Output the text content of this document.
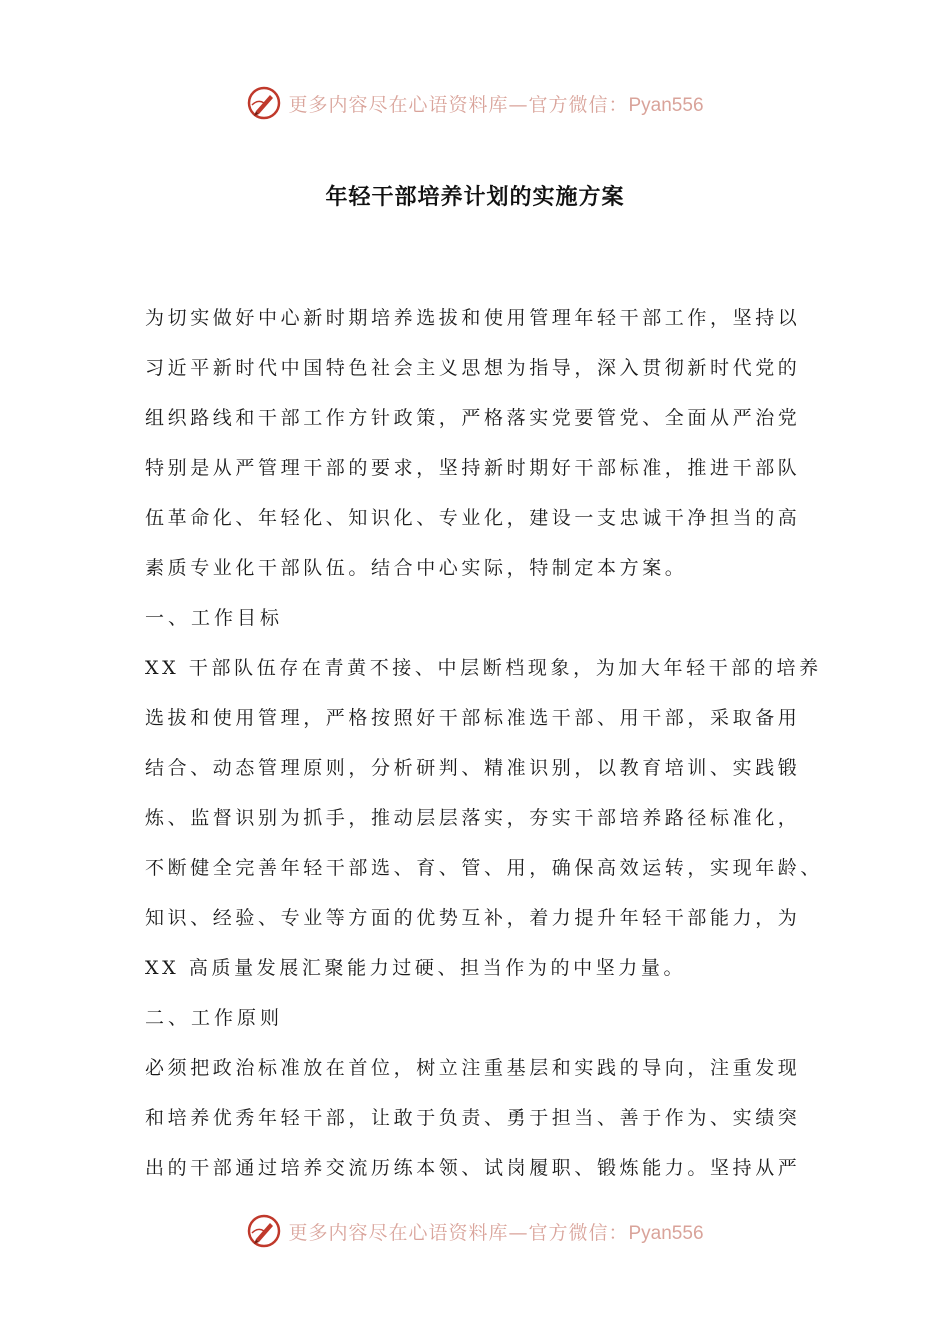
更多内容尽在心语资料库—官方微信：Pyan556
年轻干部培养计划的实施方案
为切实做好中心新时期培养选拔和使用管理年轻干部工作，坚持以
习近平新时代中国特色社会主义思想为指导，深入贯彻新时代党的
组织路线和干部工作方针政策，严格落实党要管党、全面从严治党
特别是从严管理干部的要求，坚持新时期好干部标准，推进干部队
伍革命化、年轻化、知识化、专业化，建设一支忠诚干净担当的高
素质专业化干部队伍。结合中心实际，特制定本方案。
一、工作目标
XX 干部队伍存在青黄不接、中层断档现象，为加大年轻干部的培养
选拔和使用管理，严格按照好干部标准选干部、用干部，采取备用
结合、动态管理原则，分析研判、精准识别，以教育培训、实践锻
炼、监督识别为抓手，推动层层落实，夯实干部培养路径标准化，
不断健全完善年轻干部选、育、管、用，确保高效运转，实现年龄、
知识、经验、专业等方面的优势互补，着力提升年轻干部能力，为
XX 高质量发展汇聚能力过硬、担当作为的中坚力量。
二、工作原则
必须把政治标准放在首位，树立注重基层和实践的导向，注重发现
和培养优秀年轻干部，让敢于负责、勇于担当、善于作为、实绩突
出的干部通过培养交流历练本领、试岗履职、锻炼能力。坚持从严
更多内容尽在心语资料库—官方微信：Pyan556
